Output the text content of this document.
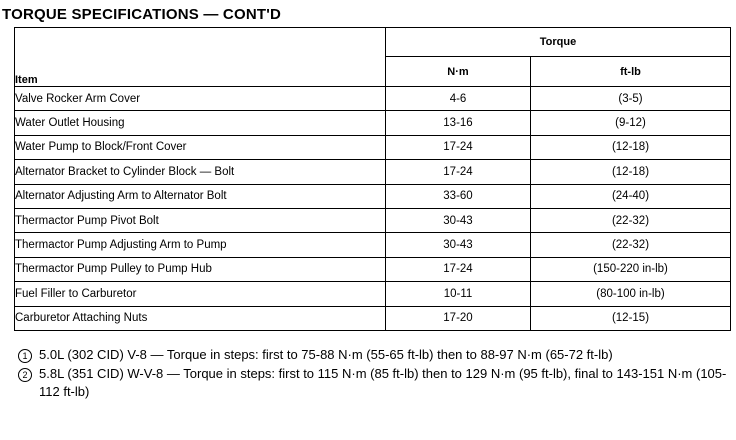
TORQUE SPECIFICATIONS — CONT'D
Item	Torque	
	N·m	ft-lb
Valve Rocker Arm Cover	4-6	(3-5)
Water Outlet Housing	13-16	(9-12)
Water Pump to Block/Front Cover	17-24	(12-18)
Alternator Bracket to Cylinder Block — Bolt	17-24	(12-18)
Alternator Adjusting Arm to Alternator Bolt	33-60	(24-40)
Thermactor Pump Pivot Bolt	30-43	(22-32)
Thermactor Pump Adjusting Arm to Pump	30-43	(22-32)
Thermactor Pump Pulley to Pump Hub	17-24	(150-220 in-lb)
Fuel Filler to Carburetor	10-11	(80-100 in-lb)
Carburetor Attaching Nuts	17-20	(12-15)
1 5.0L (302 CID) V-8 — Torque in steps: first to 75-88 N·m (55-65 ft-lb) then to 88-97 N·m (65-72 ft-lb)
2 5.8L (351 CID) W-V-8 — Torque in steps: first to 115 N·m (85 ft-lb) then to 129 N·m (95 ft-lb), final to 143-151 N·m (105-112 ft-lb)
